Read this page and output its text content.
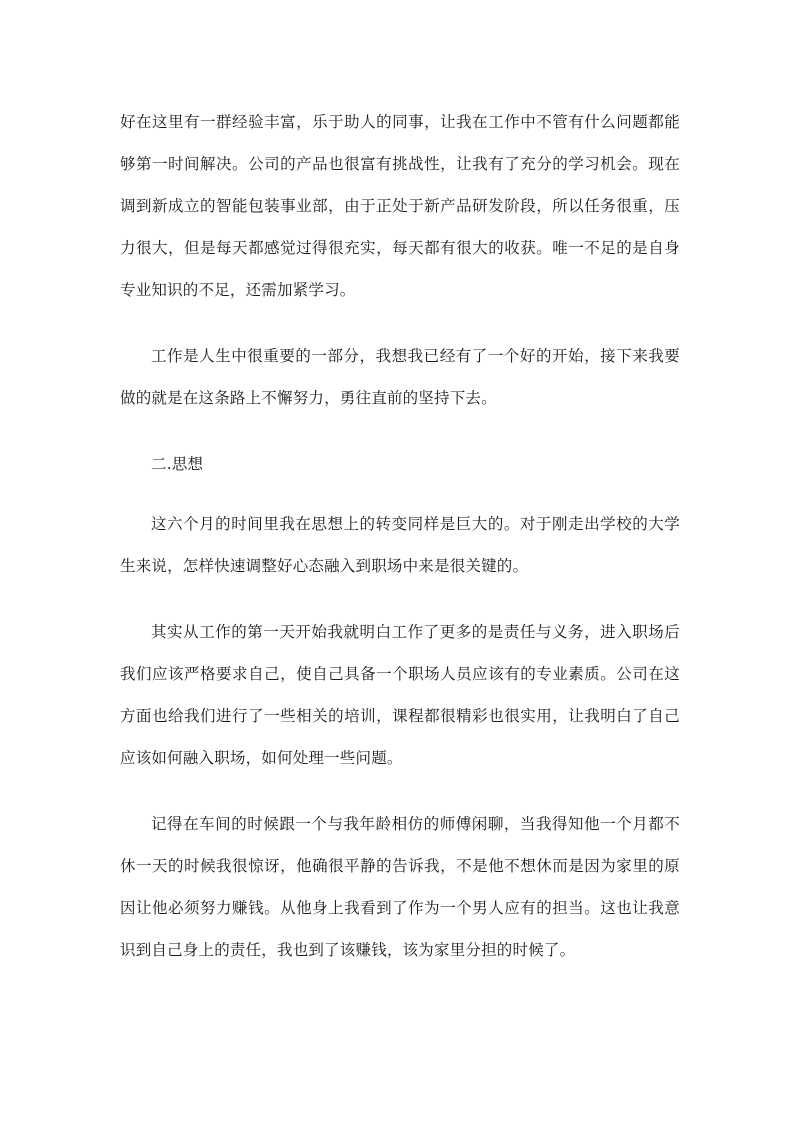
好在这里有一群经验丰富，乐于助人的同事，让我在工作中不管有什么问题都能够第一时间解决。公司的产品也很富有挑战性，让我有了充分的学习机会。现在调到新成立的智能包装事业部，由于正处于新产品研发阶段，所以任务很重，压力很大，但是每天都感觉过得很充实，每天都有很大的收获。唯一不足的是自身专业知识的不足，还需加紧学习。

工作是人生中很重要的一部分，我想我已经有了一个好的开始，接下来我要做的就是在这条路上不懈努力，勇往直前的坚持下去。

二.思想

这六个月的时间里我在思想上的转变同样是巨大的。对于刚走出学校的大学生来说，怎样快速调整好心态融入到职场中来是很关键的。

其实从工作的第一天开始我就明白工作了更多的是责任与义务，进入职场后我们应该严格要求自己，使自己具备一个职场人员应该有的专业素质。公司在这方面也给我们进行了一些相关的培训，课程都很精彩也很实用，让我明白了自己应该如何融入职场，如何处理一些问题。

记得在车间的时候跟一个与我年龄相仿的师傅闲聊，当我得知他一个月都不休一天的时候我很惊讶，他确很平静的告诉我，不是他不想休而是因为家里的原因让他必须努力赚钱。从他身上我看到了作为一个男人应有的担当。这也让我意识到自己身上的责任，我也到了该赚钱，该为家里分担的时候了。
